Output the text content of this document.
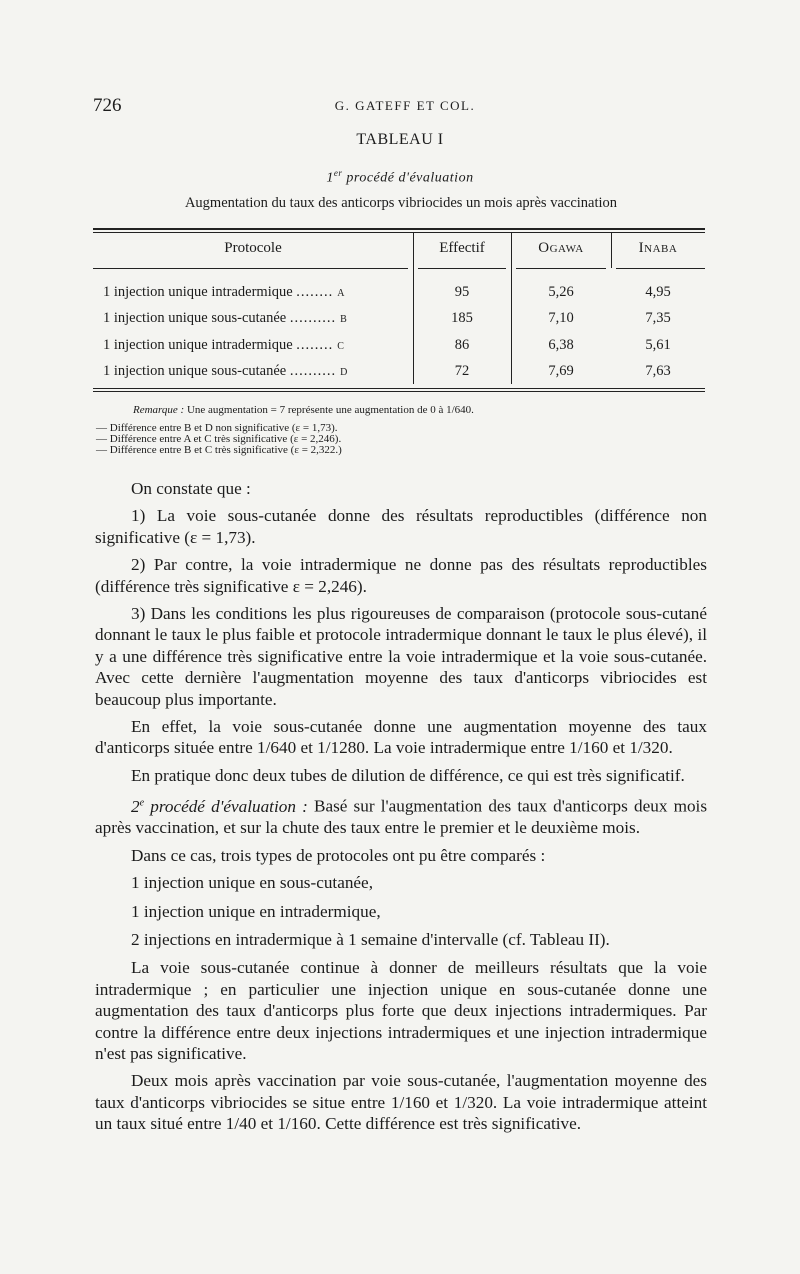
726	G. GATEFF ET COL.
TABLEAU I
1er procédé d'évaluation
Augmentation du taux des anticorps vibriocides un mois après vaccination
Protocole	Effectif	Ogawa	Inaba
1 injection unique intradermique ........ A	95	5,26	4,95
1 injection unique sous-cutanée .......... B	185	7,10	7,35
1 injection unique intradermique ........ C	86	6,38	5,61
1 injection unique sous-cutanée .......... D	72	7,69	7,63
Remarque : Une augmentation = 7 représente une augmentation de 0 à 1/640.
— Différence entre B et D non significative (ε = 1,73).
— Différence entre A et C très significative (ε = 2,246).
— Différence entre B et C très significative (ε = 2,322.)

On constate que :

1) La voie sous-cutanée donne des résultats reproductibles (différence non significative (ε = 1,73).

2) Par contre, la voie intradermique ne donne pas des résultats reproductibles (différence très significative ε = 2,246).

3) Dans les conditions les plus rigoureuses de comparaison (protocole sous-cutané donnant le taux le plus faible et protocole intradermique donnant le taux le plus élevé), il y a une différence très significative entre la voie intradermique et la voie sous-cutanée. Avec cette dernière l'augmentation moyenne des taux d'anticorps vibriocides est beaucoup plus importante.

En effet, la voie sous-cutanée donne une augmentation moyenne des taux d'anticorps située entre 1/640 et 1/1280. La voie intradermique entre 1/160 et 1/320.

En pratique donc deux tubes de dilution de différence, ce qui est très significatif.

2e procédé d'évaluation : Basé sur l'augmentation des taux d'anticorps deux mois après vaccination, et sur la chute des taux entre le premier et le deuxième mois.

Dans ce cas, trois types de protocoles ont pu être comparés :

1 injection unique en sous-cutanée,

1 injection unique en intradermique,

2 injections en intradermique à 1 semaine d'intervalle (cf. Tableau II).

La voie sous-cutanée continue à donner de meilleurs résultats que la voie intradermique ; en particulier une injection unique en sous-cutanée donne une augmentation des taux d'anticorps plus forte que deux injections intradermiques. Par contre la différence entre deux injections intradermiques et une injection intradermique n'est pas significative.

Deux mois après vaccination par voie sous-cutanée, l'augmentation moyenne des taux d'anticorps vibriocides se situe entre 1/160 et 1/320. La voie intradermique atteint un taux situé entre 1/40 et 1/160. Cette différence est très significative.
